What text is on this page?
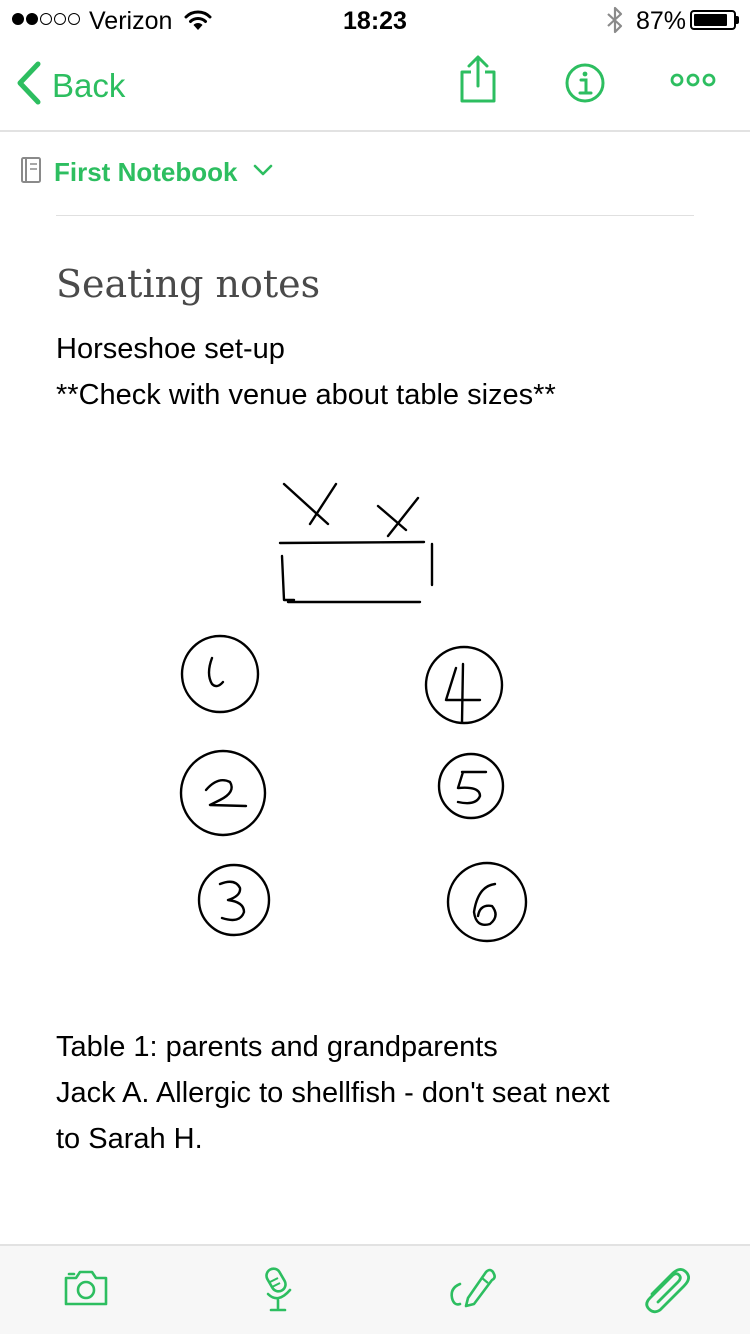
Verizon	18:23	87%
Back
First Notebook
Seating notes
Horseshoe set-up
**Check with venue about table sizes**
Table 1: parents and grandparents
Jack A. Allergic to shellfish - don't seat next
to Sarah H.
